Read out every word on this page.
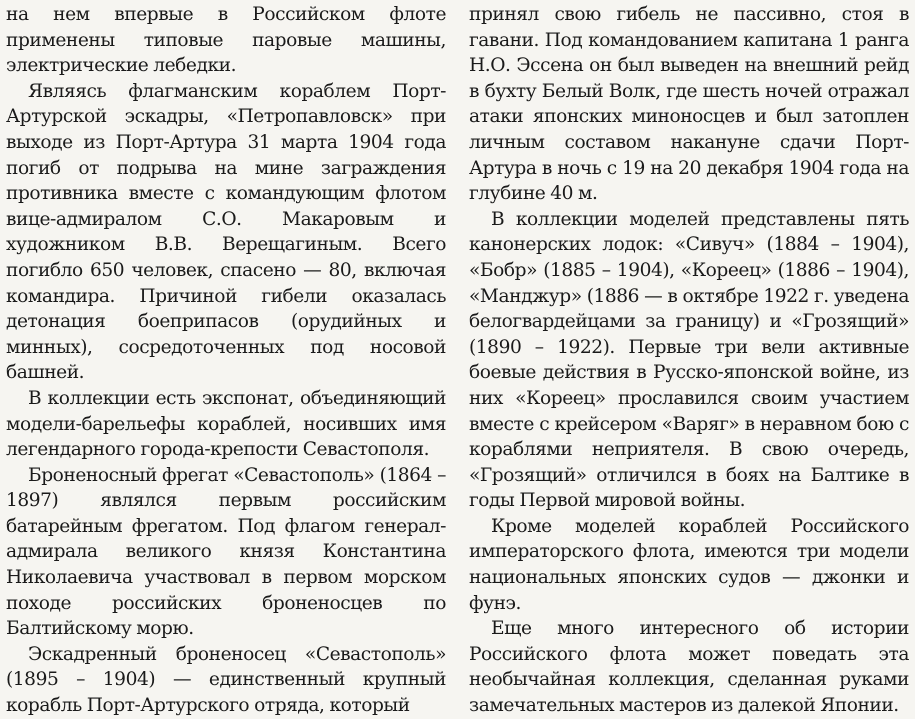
на нем впервые в Российском флоте применены типовые паровые машины, электрические лебедки.

Являясь флагманским кораблем Порт-Артурской эскадры, «Петропавловск» при выходе из Порт-Артура 31 марта 1904 года погиб от подрыва на мине заграждения противника вместе с командующим флотом вице-адмиралом С.О. Макаровым и художником В.В. Верещагиным. Всего погибло 650 человек, спасено — 80, включая командира. Причиной гибели оказалась детонация боеприпасов (орудийных и минных), сосредоточенных под носовой башней.

В коллекции есть экспонат, объединяющий модели-барельефы кораблей, носивших имя легендарного города-крепости Севастополя.

Броненосный фрегат «Севастополь» (1864 – 1897) являлся первым российским батарейным фрегатом. Под флагом генерал-адмирала великого князя Константина Николаевича участвовал в первом морском походе российских броненосцев по Балтийскому морю.

Эскадренный броненосец «Севастополь» (1895 – 1904) — единственный крупный корабль Порт-Артурского отряда, который

принял свою гибель не пассивно, стоя в гавани. Под командованием капитана 1 ранга Н.О. Эссена он был выведен на внешний рейд в бухту Белый Волк, где шесть ночей отражал атаки японских миноносцев и был затоплен личным составом накануне сдачи Порт-Артура в ночь с 19 на 20 декабря 1904 года на глубине 40 м.

В коллекции моделей представлены пять канонерских лодок: «Сивуч» (1884 – 1904), «Бобр» (1885 – 1904), «Кореец» (1886 – 1904), «Манджур» (1886 — в октябре 1922 г. уведена белогвардейцами за границу) и «Грозящий» (1890 – 1922). Первые три вели активные боевые действия в Русско-японской войне, из них «Кореец» прославился своим участием вместе с крейсером «Варяг» в неравном бою с кораблями неприятеля. В свою очередь, «Грозящий» отличился в боях на Балтике в годы Первой мировой войны.

Кроме моделей кораблей Российского императорского флота, имеются три модели национальных японских судов — джонки и фунэ.

Еще много интересного об истории Российского флота может поведать эта необычайная коллекция, сделанная руками замечательных мастеров из далекой Японии.
